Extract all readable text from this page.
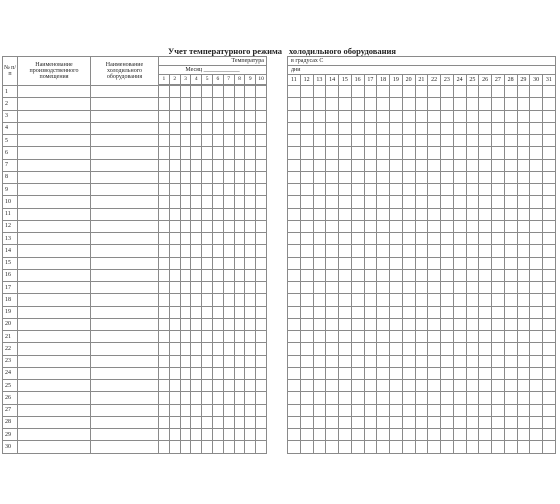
Учет температурного режима холодильного оборудования
№ п/п	Наименование производственного помещения	Наименование холодильного оборудования	Температура									
			Месяц ____________									
			1	2	3	4	5	6	7	8	9	10

1												
2												
3												
4												
5												
6												
7												
8												
9												
10												
11												
12												
13												
14												
15												
16												
17												
18												
19												
20												
21												
22												
23												
24												
25												
26												
27												
28												
29												
30												
в градусах С																				
дни																				
11	12	13	14	15	16	17	18	19	20	21	22	23	24	25	26	27	28	29	30	31
